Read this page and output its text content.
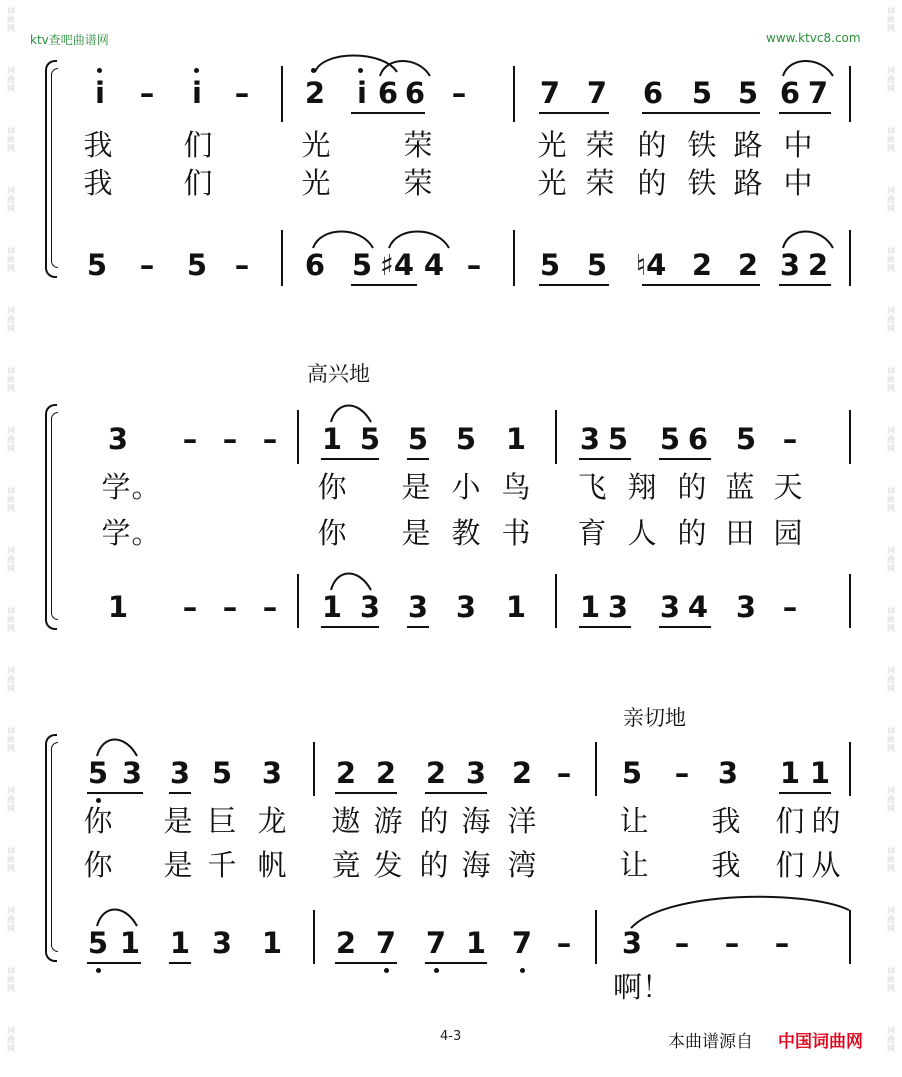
词
曲
网
词
曲
网
词
曲
网
词
曲
网
词
曲
网
词
曲
网
词
曲
网
词
曲
网
词
曲
网
词
曲
网
词
曲
网
词
曲
网
词
曲
网
词
曲
网
词
曲
网
词
曲
网
词
曲
网
词
曲
网
词
曲
网
词
曲
网
词
曲
网
词
曲
网
词
曲
网
词
曲
网
词
曲
网
词
曲
网
词
曲
网
词
曲
网
词
曲
网
词
曲
网
词
曲
网
词
曲
网
词
曲
网
词
曲
网
词
曲
网
词
曲
网
ktv查吧曲谱网	www.ktvc8.com
i – i – 2 i 6 6 –	7 7 6 5 5 6 7
我 们	光	荣	光 荣 的 铁 路 中
我 们	光	荣	光 荣 的 铁 路 中
5 – 5 – 6 5 ♯4 4 – 5 5 ♮4 2 2 3 2
高兴地
3 – – – 1 5 5 5 1 3 5 5 6 5 –
学 。	你 是 小 鸟 飞 翔 的 蓝 天
学 。	你 是 教 书 育 人 的 田 园
1 – – – 1 3 3 3 1 1 3 3 4 3 –
亲切地
5 3 3 5 3 2 2 2 3 2 – 5 – 3 1 1
你 是 巨 龙 遨 游 的 海 洋	让 我 们 的
你 是 千 帆 竟 发 的 海 湾	让 我 们 从
5 1 1 3 1 2 7 7 1 7 – 3 – – –
啊！
4-3	本曲谱源自 中国词曲网
